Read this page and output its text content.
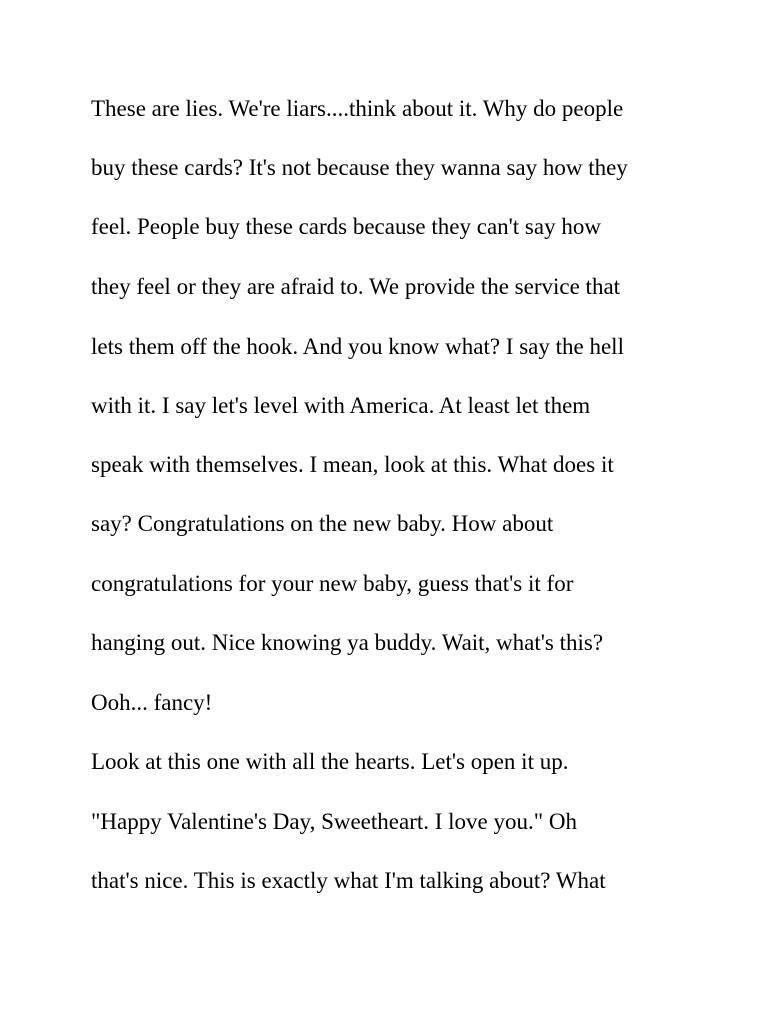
These are lies. We're liars....think about it. Why do people
buy these cards? It's not because they wanna say how they
feel. People buy these cards because they can't say how
they feel or they are afraid to. We provide the service that
lets them off the hook. And you know what? I say the hell
with it. I say let's level with America. At least let them
speak with themselves. I mean, look at this. What does it
say? Congratulations on the new baby. How about
congratulations for your new baby, guess that's it for
hanging out. Nice knowing ya buddy. Wait, what's this?
Ooh... fancy!
Look at this one with all the hearts. Let's open it up.
"Happy Valentine's Day, Sweetheart. I love you." Oh
that's nice. This is exactly what I'm talking about? What
